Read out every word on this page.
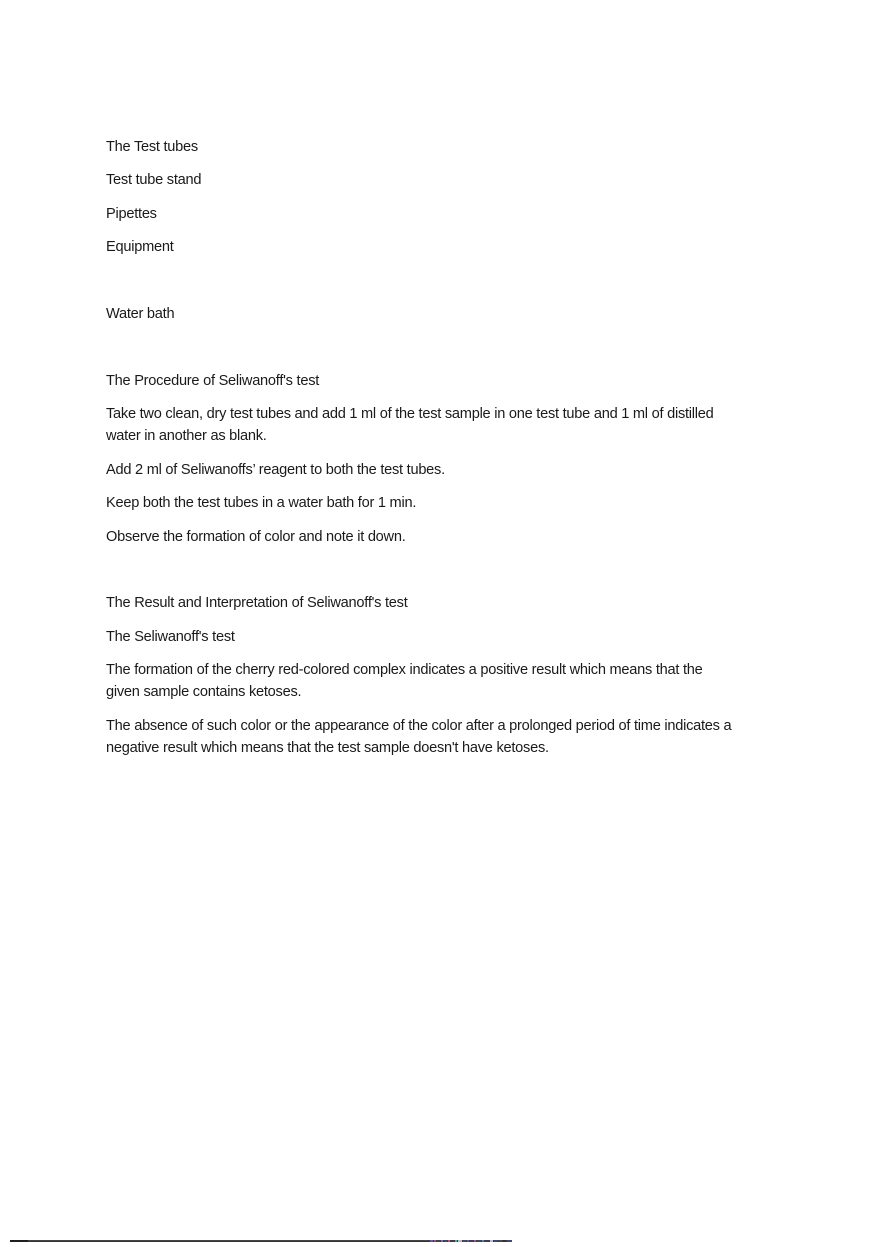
The Test tubes

Test tube stand

Pipettes

Equipment

Water bath

The Procedure of Seliwanoff's test

Take two clean, dry test tubes and add 1 ml of the test sample in one test tube and 1 ml of distilled
water in another as blank.

Add 2 ml of Seliwanoffs’ reagent to both the test tubes.

Keep both the test tubes in a water bath for 1 min.

Observe the formation of color and note it down.

The Result and Interpretation of Seliwanoff's test

The Seliwanoff's test

The formation of the cherry red-colored complex indicates a positive result which means that the
given sample contains ketoses.

The absence of such color or the appearance of the color after a prolonged period of time indicates a
negative result which means that the test sample doesn't have ketoses.
